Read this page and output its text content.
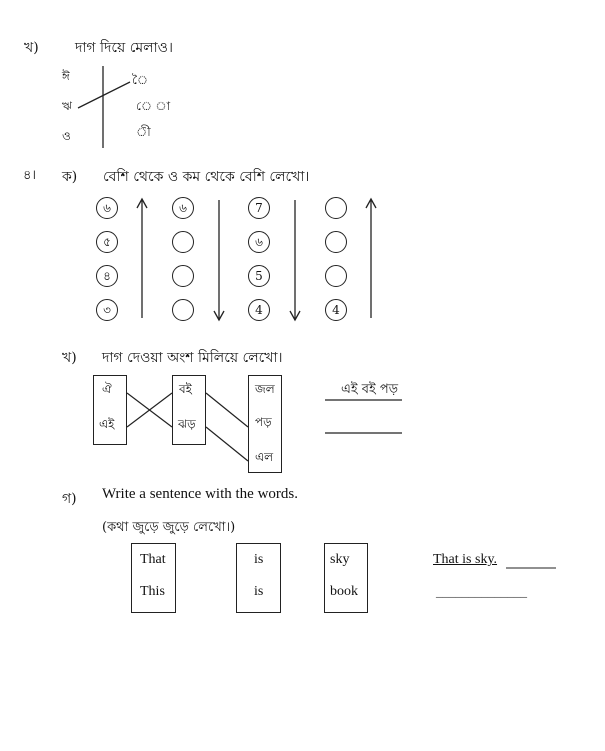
খ)	দাগ দিয়ে মেলাও।
ঈ
ঋ
ও
ৈ
ে া
ী
৪। ক) বেশি থেকে ও কম থেকে বেশি লেখো।
৬
৫
৪
৩
৬	7
৬
5
4	4
খ) দাগ দেওয়া অংশ মিলিয়ে লেখো।
ঐ
এই
বই
ঝড়
জল
পড়
এল
এই বই পড়
গ) Write a sentence with the words.
(কথা জুড়ে জুড়ে লেখো।)
That
This
is
is
sky
book
That is sky.
______________
